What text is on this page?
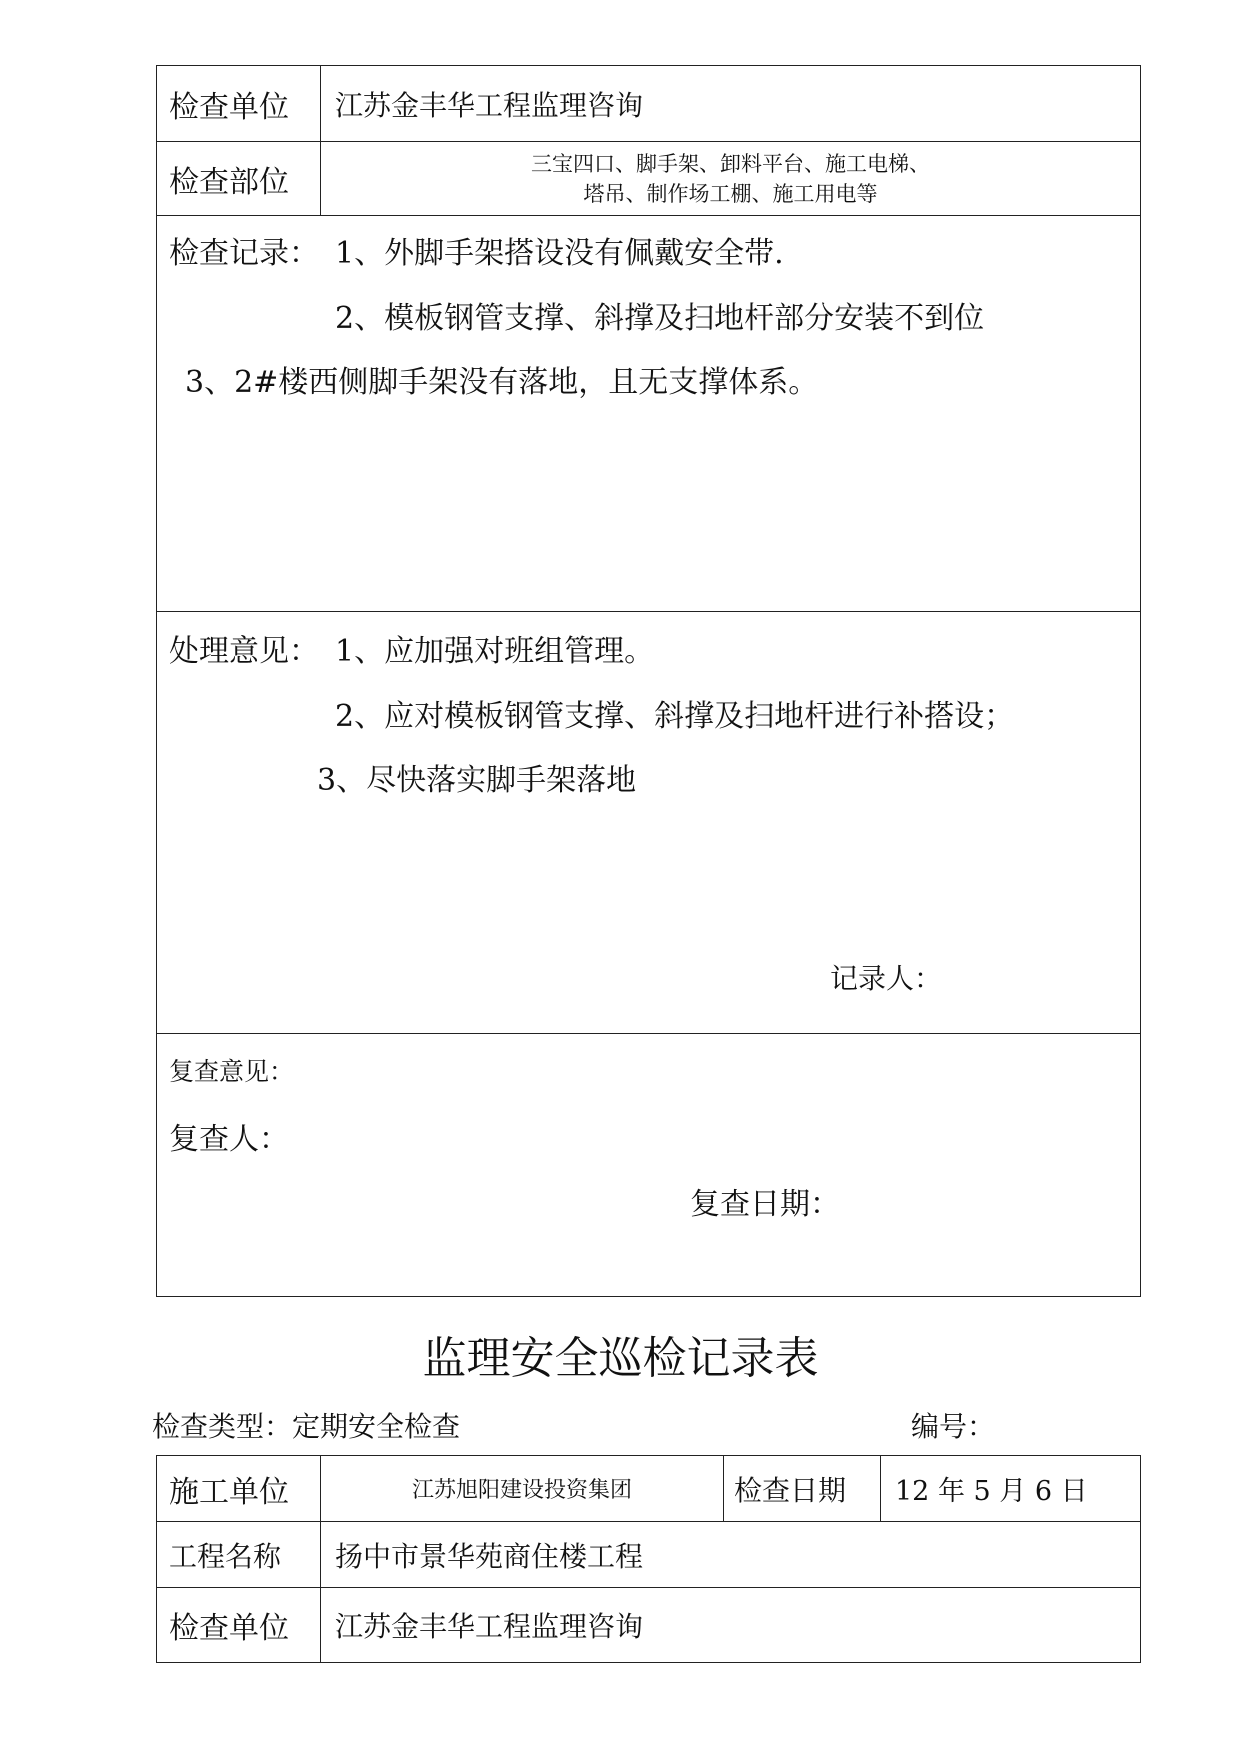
检查单位	江苏金丰华工程监理咨询
检查部位
三宝四口、脚手架、卸料平台、施工电梯、
塔吊、制作场工棚、施工用电等
检查记录： 1、外脚手架搭设没有佩戴安全带.
2、模板钢管支撑、斜撑及扫地杆部分安装不到位
3、2#楼西侧脚手架没有落地，且无支撑体系。
处理意见： 1、应加强对班组管理。
2、应对模板钢管支撑、斜撑及扫地杆进行补搭设；
3、尽快落实脚手架落地
记录人：
复查意见：
复查人：
复查日期：
监理安全巡检记录表
检查类型：定期安全检查	编号：
施工单位	江苏旭阳建设投资集团	检查日期 12 年 5 月 6 日
工程名称	扬中市景华苑商住楼工程
检查单位	江苏金丰华工程监理咨询
